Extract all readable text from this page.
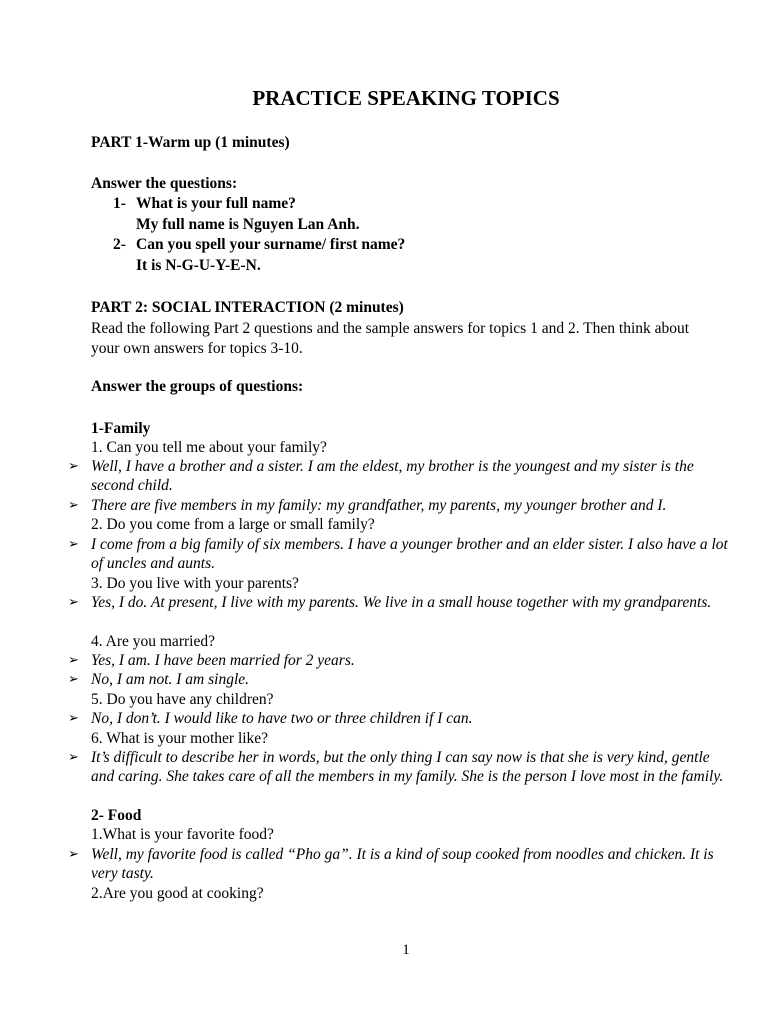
PRACTICE SPEAKING TOPICS
PART 1-Warm up (1 minutes)
Answer the questions:
1- What is your full name?
My full name is Nguyen Lan Anh.
2- Can you spell your surname/ first name?
It is N-G-U-Y-E-N.
PART 2: SOCIAL INTERACTION (2 minutes)
Read the following Part 2 questions and the sample answers for topics 1 and 2. Then think about
your own answers for topics 3-10.
Answer the groups of questions:
1-Family
1. Can you tell me about your family?
➢ Well, I have a brother and a sister. I am the eldest, my brother is the youngest and my sister is the second child.
➢ There are five members in my family: my grandfather, my parents, my younger brother and I.
2. Do you come from a large or small family?
➢ I come from a big family of six members. I have a younger brother and an elder sister. I also have a lot of uncles and aunts.
3. Do you live with your parents?
➢ Yes, I do. At present, I live with my parents. We live in a small house together with my grandparents.
4. Are you married?
➢ Yes, I am. I have been married for 2 years.
➢ No, I am not. I am single.
5. Do you have any children?
➢ No, I don’t. I would like to have two or three children if I can.
6. What is your mother like?
➢ It’s difficult to describe her in words, but the only thing I can say now is that she is very kind, gentle and caring. She takes care of all the members in my family. She is the person I love most in the family.
2- Food
1.What is your favorite food?
➢ Well, my favorite food is called “Pho ga”. It is a kind of soup cooked from noodles and chicken. It is very tasty.
2.Are you good at cooking?
1
